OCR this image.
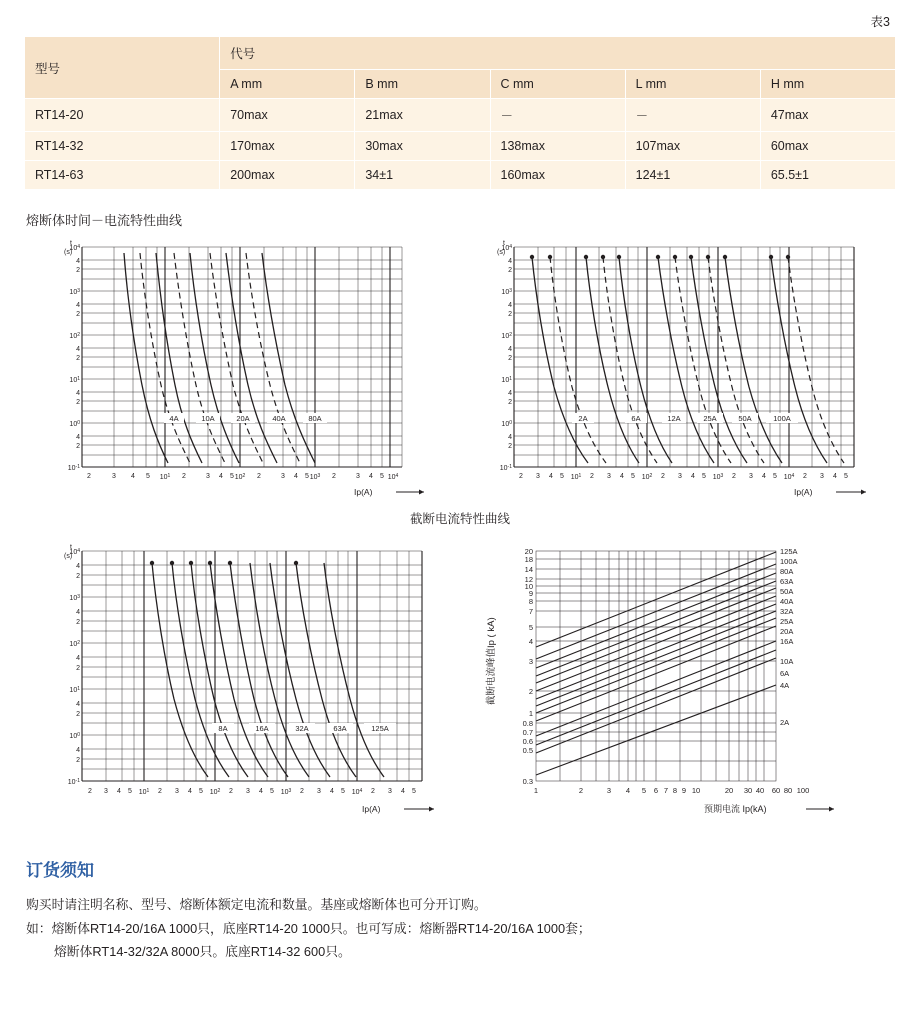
表3
型号	代号				
	A mm	B mm	C mm	L mm	H mm
RT14-20	70max	21max	－	－	47max
RT14-32	170max	30max	138max	107max	60max
RT14-63	200max	34±1	160max	124±1	65.5±1
熔断体时间－电流特性曲线
t
(s)
$10^4$
4
2
$10^3$
4
2
$10^2$
4
2
$10^1$
4
2
$10^0$
4
2
$10^{-1}$
2	3 4 5 $10^1$ 2	3 4 5 $10^2$ 2	3 4 5 $10^3$ 2	3 4 5 $10^4$
4A	10A	20A	40A	80A
Ip(A)
t
(s)
$10^4$
4
2
$10^3$
4
2
$10^2$
4
2
$10^1$
4
2
$10^0$
4
2
$10^{-1}$
2 3 4 5 $10^1$ 2 3 4 5 $10^2$ 2 3 4 5 $10^3$ 2 3 4 5 $10^4$ 2 3 4 5
2A	6A	12A	25A	50A	100A
Ip(A)
截断电流特性曲线
t
(s)
$10^4$
4
2
$10^3$
4
2
$10^2$
4
2
$10^1$
4
2
$10^0$
4
2
$10^{-1}$
2 3 4 5 $10^1$ 2 3 4 5 $10^2$ 2 3 4 5 $10^3$ 2 3 4 5 $10^4$ 2 3 4 5
8A	16A	32A	63A	125A
Ip(A)
截断电流峰值Ip ( kA)
20
18
14
12
10
9
8
7
5
4
3
2
1
0.8
0.7
0.6
0.5
0.3
1	2	3 4 5 6 7 8 9 10	20 30 40 60 80 100
125A
100A
80A
63A
50A
40A
32A
25A
20A
16A
10A
6A
4A
2A
预期电流 Ip(kA)
订货须知
购买时请注明名称、型号、熔断体额定电流和数量。基座或熔断体也可分开订购。
如：熔断体RT14-20/16A 1000只，底座RT14-20 1000只。也可写成：熔断器RT14-20/16A 1000套；
熔断体RT14-32/32A 8000只。底座RT14-32 600只。
